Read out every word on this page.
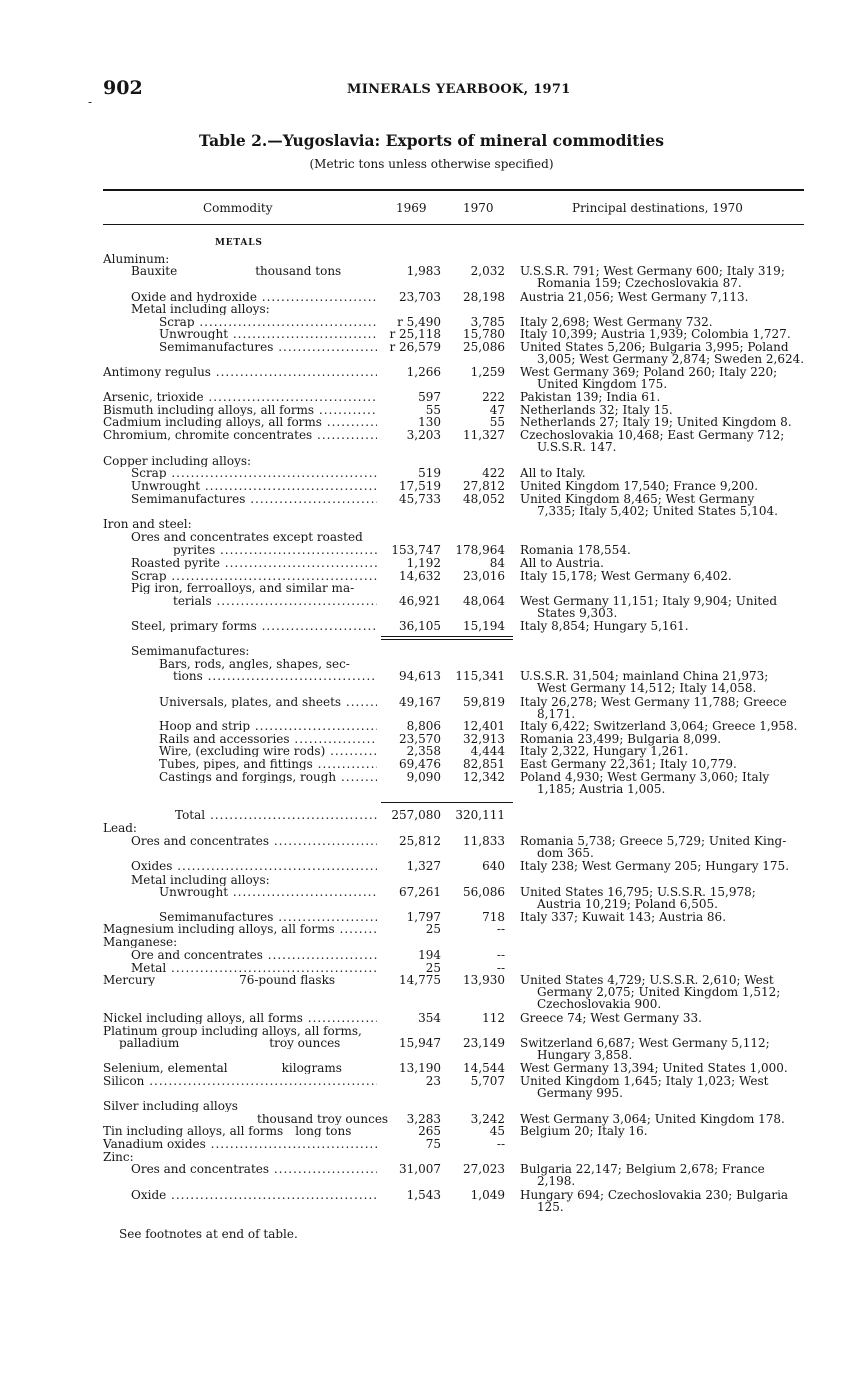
902
-
MINERALS YEARBOOK, 1971
Table 2.—Yugoslavia: Exports of mineral commodities
(Metric tons unless otherwise specified)
Commodity	1969	1970	Principal destinations, 1970
METALS
Aluminum:
Bauxite_____________thousand tons__	1,983	2,032 U.S.S.R. 791; West Germany 600; Italy 319;
Romania 159; Czechoslovakia 87.
Oxide and hydroxide .....	23,703	28,198 Austria 21,056; West Germany 7,113.
Metal including alloys:
Scrap .....	r 5,490	3,785 Italy 2,698; West Germany 732.
Unwrought .....	r 25,118	15,780 Italy 10,399; Austria 1,939; Colombia 1,727.
Semimanufactures .....	r 26,579	25,086 United States 5,206; Bulgaria 3,995; Poland
3,005; West Germany 2,874; Sweden 2,624.
Antimony regulus .....	1,266	1,259 West Germany 369; Poland 260; Italy 220;
United Kingdom 175.
Arsenic, trioxide .....	597	222 Pakistan 139; India 61.
Bismuth including alloys, all forms .....	55	47 Netherlands 32; Italy 15.
Cadmium including alloys, all forms .....	130	55 Netherlands 27; Italy 19; United Kingdom 8.
Chromium, chromite concentrates .....	3,203	11,327 Czechoslovakia 10,468; East Germany 712;
U.S.S.R. 147.
Copper including alloys:
Scrap .....	519	422 All to Italy.
Unwrought .....	17,519	27,812 United Kingdom 17,540; France 9,200.
Semimanufactures .....	45,733	48,052 United Kingdom 8,465; West Germany
7,335; Italy 5,402; United States 5,104.
Iron and steel:
Ores and concentrates except roasted
pyrites .....	153,747	178,964 Romania 178,554.
Roasted pyrite .....	1,192	84 All to Austria.
Scrap .....	14,632	23,016 Italy 15,178; West Germany 6,402.
Pig iron, ferroalloys, and similar ma-
terials .....	46,921	48,064 West Germany 11,151; Italy 9,904; United
States 9,303.
Steel, primary forms .....	36,105	15,194 Italy 8,854; Hungary 5,161.
Semimanufactures:
Bars, rods, angles, shapes, sec-
tions .....	94,613	115,341 U.S.S.R. 31,504; mainland China 21,973;
West Germany 14,512; Italy 14,058.
Universals, plates, and sheets .....	49,167	59,819 Italy 26,278; West Germany 11,788; Greece
8,171.
Hoop and strip .....	8,806	12,401 Italy 6,422; Switzerland 3,064; Greece 1,958.
Rails and accessories .....	23,570	32,913 Romania 23,499; Bulgaria 8,099.
Wire, (excluding wire rods) .....	2,358	4,444 Italy 2,322, Hungary 1,261.
Tubes, pipes, and fittings .....	69,476	82,851 East Germany 22,361; Italy 10,779.
Castings and forgings, rough .....	9,090	12,342 Poland 4,930; West Germany 3,060; Italy
1,185; Austria 1,005.
Total .....	257,080	320,111
Lead:
Ores and concentrates .....	25,812	11,833 Romania 5,738; Greece 5,729; United King-
dom 365.
Oxides .....	1,327	640 Italy 238; West Germany 205; Hungary 175.
Metal including alloys:
Unwrought .....	67,261	56,086 United States 16,795; U.S.S.R. 15,978;
Austria 10,219; Poland 6,505.
Semimanufactures .....	1,797	718 Italy 337; Kuwait 143; Austria 86.
Magnesium including alloys, all forms .....	25	--
Manganese:
Ore and concentrates .....	194	--
Metal .....	25	--
Mercury______________76-pound flasks__	14,775	13,930 United States 4,729; U.S.S.R. 2,610; West
Germany 2,075; United Kingdom 1,512;
Czechoslovakia 900.
Nickel including alloys, all forms .....	354	112 Greece 74; West Germany 33.
Platinum group including alloys, all forms,
palladium_______________troy ounces__	15,947	23,149 Switzerland 6,687; West Germany 5,112;
Hungary 3,858.
Selenium, elemental_________kilograms__	13,190	14,544 West Germany 13,394; United States 1,000.
Silicon .....	23	5,707 United Kingdom 1,645; Italy 1,023; West
Germany 995.
Silver including alloys
thousand troy ounces__ 3,283	3,242 West Germany 3,064; United Kingdom 178.
Tin including alloys, all forms__long tons__	265	45 Belgium 20; Italy 16.
Vanadium oxides .....	75	--
Zinc:
Ores and concentrates .....	31,007	27,023 Bulgaria 22,147; Belgium 2,678; France
2,198.
Oxide .....	1,543	1,049 Hungary 694; Czechoslovakia 230; Bulgaria
125.
See footnotes at end of table.
